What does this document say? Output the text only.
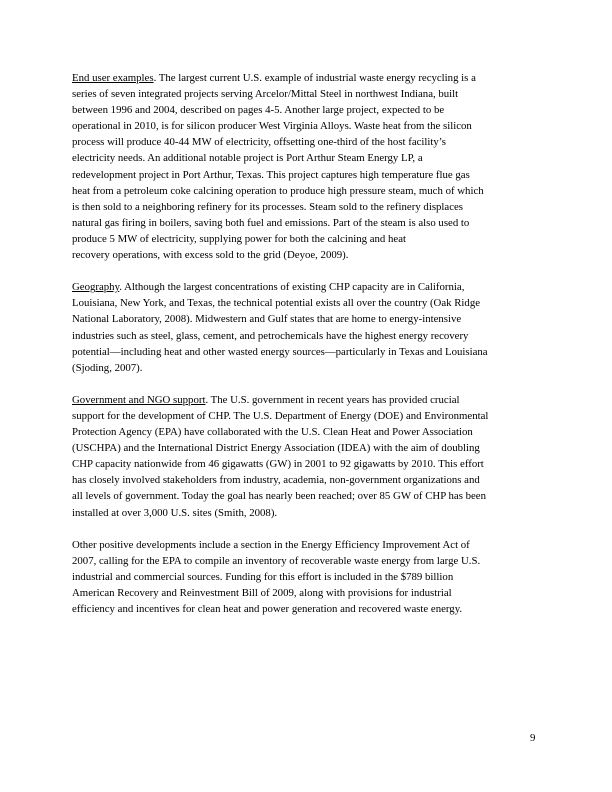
End user examples. The largest current U.S. example of industrial waste energy recycling is a
series of seven integrated projects serving Arcelor/Mittal Steel in northwest Indiana, built
between 1996 and 2004, described on pages 4-5. Another large project, expected to be
operational in 2010, is for silicon producer West Virginia Alloys. Waste heat from the silicon
process will produce 40-44 MW of electricity, offsetting one-third of the host facility’s
electricity needs. An additional notable project is Port Arthur Steam Energy LP, a
redevelopment project in Port Arthur, Texas. This project captures high temperature flue gas
heat from a petroleum coke calcining operation to produce high pressure steam, much of which
is then sold to a neighboring refinery for its processes. Steam sold to the refinery displaces
natural gas firing in boilers, saving both fuel and emissions. Part of the steam is also used to
produce 5 MW of electricity, supplying power for both the calcining and heat
recovery operations, with excess sold to the grid (Deyoe, 2009).

Geography. Although the largest concentrations of existing CHP capacity are in California,
Louisiana, New York, and Texas, the technical potential exists all over the country (Oak Ridge
National Laboratory, 2008). Midwestern and Gulf states that are home to energy-intensive
industries such as steel, glass, cement, and petrochemicals have the highest energy recovery
potential—including heat and other wasted energy sources—particularly in Texas and Louisiana
(Sjoding, 2007).

Government and NGO support. The U.S. government in recent years has provided crucial
support for the development of CHP. The U.S. Department of Energy (DOE) and Environmental
Protection Agency (EPA) have collaborated with the U.S. Clean Heat and Power Association
(USCHPA) and the International District Energy Association (IDEA) with the aim of doubling
CHP capacity nationwide from 46 gigawatts (GW) in 2001 to 92 gigawatts by 2010. This effort
has closely involved stakeholders from industry, academia, non-government organizations and
all levels of government. Today the goal has nearly been reached; over 85 GW of CHP has been
installed at over 3,000 U.S. sites (Smith, 2008).

Other positive developments include a section in the Energy Efficiency Improvement Act of
2007, calling for the EPA to compile an inventory of recoverable waste energy from large U.S.
industrial and commercial sources. Funding for this effort is included in the $789 billion
American Recovery and Reinvestment Bill of 2009, along with provisions for industrial
efficiency and incentives for clean heat and power generation and recovered waste energy.

9
